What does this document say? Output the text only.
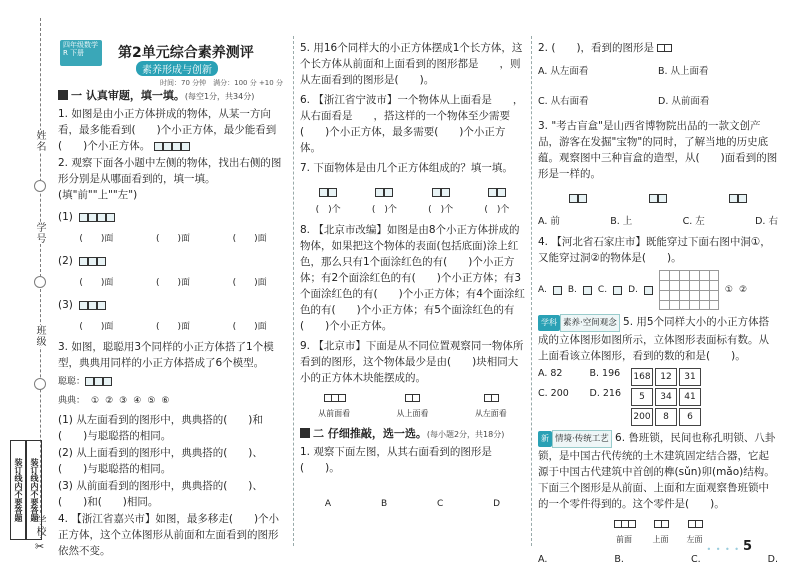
姓名
学号
班级
学校
装订线内不要答题 装订线内不要答题
✂
四年级数学 R 下册	第2单元综合素养测评
素养形成与创新
时间：70 分钟　满分：100 分 +10 分

一 认真审题，填一填。(每空1分，共34分)

1. 如图是由小正方体拼成的物体，从某一方向看，最多能看到(　　)个小正方体，最少能看到(　　)个小正方体。

2. 观察下面各小题中左侧的物体，找出右侧的图形分别是从哪面看到的，填一填。(填"前""上""左")

(1)
(　　)面	(　　)面	(　　)面
(2)
(　　)面	(　　)面	(　　)面
(3)
(　　)面	(　　)面	(　　)面

3. 如图，聪聪用3个同样的小正方体搭了1个模型，典典用同样的小正方体搭成了6个模型。

聪聪：
典典： ① ② ③ ④ ⑤ ⑥

(1) 从左面看到的图形中，典典搭的(　　)和(　　)与聪聪搭的相同。

(2) 从上面看到的图形中，典典搭的(　　)、(　　)与聪聪搭的相同。

(3) 从前面看到的图形中，典典搭的(　　)、(　　)和(　　)相同。

4. 【浙江省嘉兴市】如图，最多移走(　　)个小正方体，这个立体图形从前面和左面看到的图形依然不变。

5. 用16个同样大的小正方体摆成1个长方体，这个长方体从前面和上面看到的图形都是　　，则从左面看到的图形是(　　)。

6. 【浙江省宁波市】一个物体从上面看是　　，从右面看是　　，搭这样的一个物体至少需要(　　)个小正方体，最多需要(　　)个小正方体。

7. 下面物体是由几个正方体组成的？填一填。

(　)个	(　)个	(　)个	(　)个

8. 【北京市改编】如图是由8个小正方体拼成的物体，如果把这个物体的表面(包括底面)涂上红色，那么只有1个面涂红色的有(　　)个小正方体；有2个面涂红色的有(　　)个小正方体；有3个面涂红色的有(　　)个小正方体；有4个面涂红色的有(　　)个小正方体；有5个面涂红色的有(　　)个小正方体。

9. 【北京市】下面是从不同位置观察同一物体所看到的图形，这个物体最少是由(　　)块相同大小的正方体木块能摆成的。

从前面看	从上面看	从左面看

二 仔细推敲，选一选。(每小题2分，共18分)

1. 观察下面左图，从其右面看到的图形是(　　)。

A	B	C	D

2. (　　)，看到的图形是

A. 从左面看	B. 从上面看
C. 从右面看	D. 从前面看

3. "考古盲盒"是山西省博物院出品的一款文创产品，游客在发掘"宝物"的同时，了解当地的历史底蕴。观察图中三种盲盒的造型，从(　　)面看到的图形是一样的。

A. 前	B. 上	C. 左	D. 右

4. 【河北省石家庄市】既能穿过下面右图中洞①，又能穿过洞②的物体是(　　)。

A. B. C. D.	① ②

学科 素养·空间观念 5. 用5个同样大小的小正方体搭成的立体图形如图所示，立体图形表面标有数。从上面看该立体图形，看到的数的和是(　　)。

A. 82	B. 196
C. 200 D. 216
168	12	31
5	34	41
200	8	6

新 情境·传统工艺 6. 鲁班锁，民间也称孔明锁、八卦锁，是中国古代传统的土木建筑固定结合器，它起源于中国古代建筑中首创的榫(sǔn)卯(mǎo)结构。下面三个图形是从前面、上面和左面观察鲁班锁中的一个零件得到的。这个零件是(　　)。

前面	上面 左面
A.	B.	C.	D.
• • • • 5
